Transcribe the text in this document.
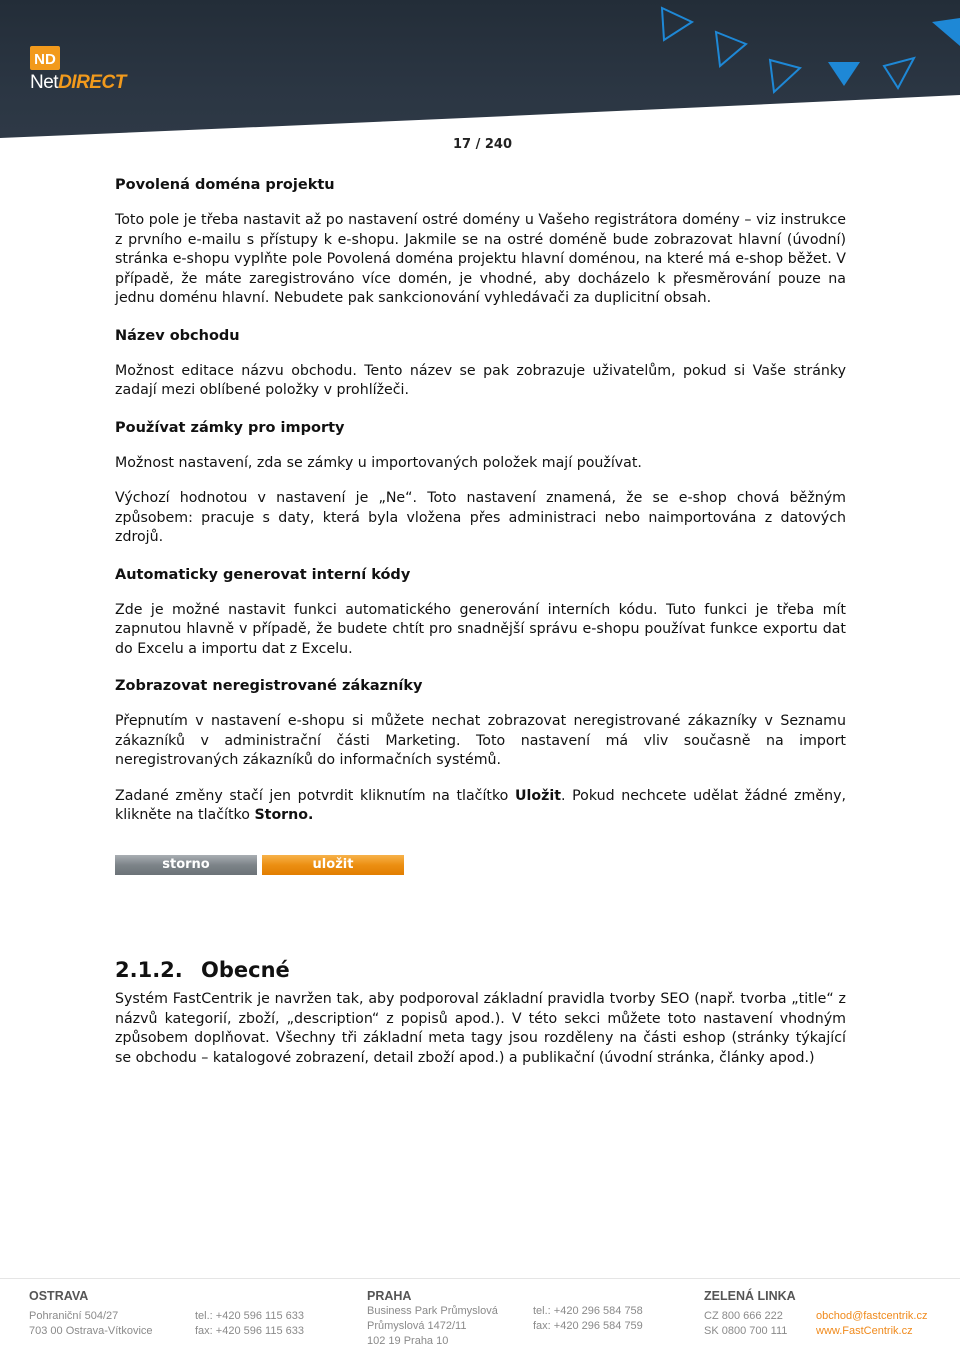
ND
NetDIRECT
17 / 240
Povolená doména projektu

Toto pole je třeba nastavit až po nastavení ostré domény u Vašeho registrátora domény – viz instrukce z prvního e-mailu s přístupy k e-shopu. Jakmile se na ostré doméně bude zobrazovat hlavní (úvodní) stránka e-shopu vyplňte pole Povolená doména projektu hlavní doménou, na které má e-shop běžet. V případě, že máte zaregistrováno více domén, je vhodné, aby docházelo k přesměrování pouze na jednu doménu hlavní. Nebudete pak sankcionování vyhledávači za duplicitní obsah.

Název obchodu

Možnost editace názvu obchodu. Tento název se pak zobrazuje uživatelům, pokud si Vaše stránky zadají mezi oblíbené položky v prohlížeči.

Používat zámky pro importy

Možnost nastavení, zda se zámky u importovaných položek mají používat.

Výchozí hodnotou v nastavení je „Ne“. Toto nastavení znamená, že se e-shop chová běžným způsobem: pracuje s daty, která byla vložena přes administraci nebo naimportována z datových zdrojů.

Automaticky generovat interní kódy

Zde je možné nastavit funkci automatického generování interních kódu. Tuto funkci je třeba mít zapnutou hlavně v případě, že budete chtít pro snadnější správu e-shopu používat funkce exportu dat do Excelu a importu dat z Excelu.

Zobrazovat neregistrované zákazníky

Přepnutím v nastavení e-shopu si můžete nechat zobrazovat neregistrované zákazníky v Seznamu zákazníků v administrační části Marketing. Toto nastavení má vliv současně na import neregistrovaných zákazníků do informačních systémů.

Zadané změny stačí jen potvrdit kliknutím na tlačítko Uložit. Pokud nechcete udělat žádné změny, klikněte na tlačítko Storno.

storno	uložit
2.1.2. Obecné

Systém FastCentrik je navržen tak, aby podporoval základní pravidla tvorby SEO (např. tvorba „title“ z názvů kategorií, zboží, „description“ z popisů apod.). V této sekci můžete toto nastavení vhodným způsobem doplňovat. Všechny tři základní meta tagy jsou rozděleny na části eshop (stránky týkající se obchodu – katalogové zobrazení, detail zboží apod.) a publikační (úvodní stránka, články apod.)

OSTRAVA
Pohraniční 504/27
703 00 Ostrava-Vítkovice
tel.: +420 596 115 633
fax: +420 596 115 633
PRAHA
Business Park Průmyslová
Průmyslová 1472/11
102 19 Praha 10
tel.: +420 296 584 758
fax: +420 296 584 759
ZELENÁ LINKA
CZ 800 666 222
SK 0800 700 111
obchod@fastcentrik.cz
www.FastCentrik.cz
